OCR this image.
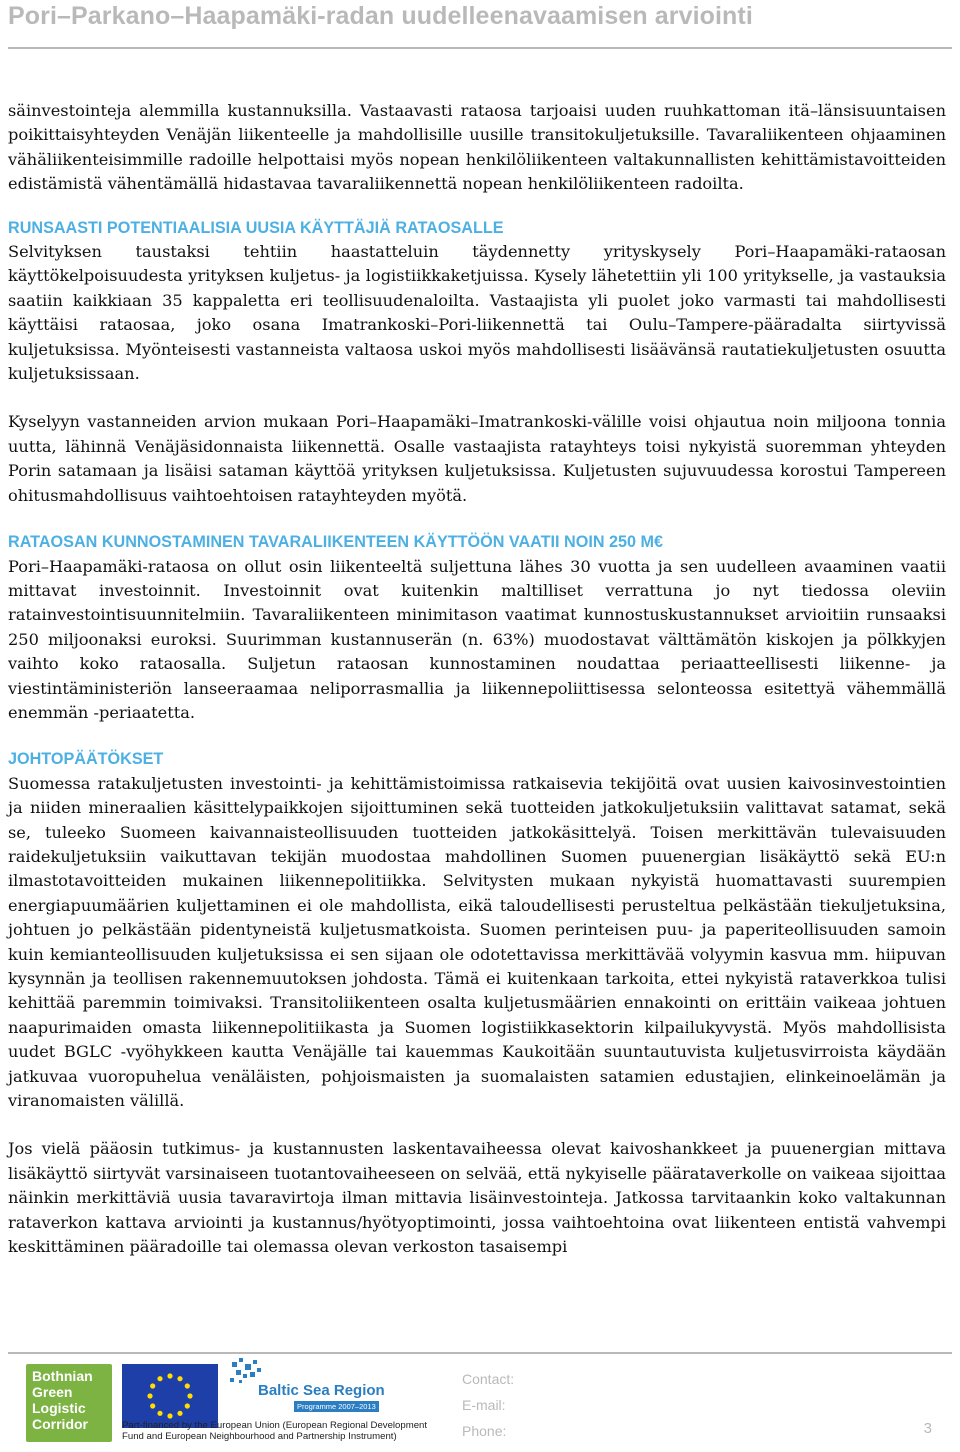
Pori–Parkano–Haapamäki-radan uudelleenavaamisen arviointi

säinvestointeja alemmilla kustannuksilla. Vastaavasti rataosa tarjoaisi uuden ruuhkattoman itä–länsisuuntaisen poikittaisyhteyden Venäjän liikenteelle ja mahdollisille uusille transitokuljetuksille. Tavaraliikenteen ohjaaminen vähäliikenteisimmille radoille helpottaisi myös nopean henkilöliikenteen valtakunnallisten kehittämistavoitteiden edistämistä vähentämällä hidastavaa tavaraliikennettä nopean henkilöliikenteen radoilta.

RUNSAASTI POTENTIAALISIA UUSIA KÄYTTÄJIÄ RATAOSALLE

Selvityksen taustaksi tehtiin haastatteluin täydennetty yrityskysely Pori–Haapamäki-rataosan käyttökelpoisuudesta yrityksen kuljetus- ja logistiikkaketjuissa. Kysely lähetettiin yli 100 yritykselle, ja vastauksia saatiin kaikkiaan 35 kappaletta eri teollisuudenaloilta. Vastaajista yli puolet joko varmasti tai mahdollisesti käyttäisi rataosaa, joko osana Imatrankoski–Pori-liikennettä tai Oulu–Tampere-pääradalta siirtyvissä kuljetuksissa. Myönteisesti vastanneista valtaosa uskoi myös mahdollisesti lisäävänsä rautatiekuljetusten osuutta kuljetuksissaan.

Kyselyyn vastanneiden arvion mukaan Pori–Haapamäki–Imatrankoski-välille voisi ohjautua noin miljoona tonnia uutta, lähinnä Venäjäsidonnaista liikennettä. Osalle vastaajista ratayhteys toisi nykyistä suoremman yhteyden Porin satamaan ja lisäisi sataman käyttöä yrityksen kuljetuksissa. Kuljetusten sujuvuudessa korostui Tampereen ohitusmahdollisuus vaihtoehtoisen ratayhteyden myötä.

RATAOSAN KUNNOSTAMINEN TAVARALIIKENTEEN KÄYTTÖÖN VAATII NOIN 250 M€

Pori–Haapamäki-rataosa on ollut osin liikenteeltä suljettuna lähes 30 vuotta ja sen uudelleen avaaminen vaatii mittavat investoinnit. Investoinnit ovat kuitenkin maltilliset verrattuna jo nyt tiedossa oleviin ratainvestointisuunnitelmiin. Tavaraliikenteen minimitason vaatimat kunnostuskustannukset arvioitiin runsaaksi 250 miljoonaksi euroksi. Suurimman kustannuserän (n. 63%) muodostavat välttämätön kiskojen ja pölkkyjen vaihto koko rataosalla. Suljetun rataosan kunnostaminen noudattaa periaatteellisesti liikenne- ja viestintäministeriön lanseeraamaa neliporrasmallia ja liikennepoliittisessa selonteossa esitettyä vähemmällä enemmän -periaatetta.

JOHTOPÄÄTÖKSET

Suomessa ratakuljetusten investointi- ja kehittämistoimissa ratkaisevia tekijöitä ovat uusien kaivosinvestointien ja niiden mineraalien käsittelypaikkojen sijoittuminen sekä tuotteiden jatkokuljetuksiin valittavat satamat, sekä se, tuleeko Suomeen kaivannaisteollisuuden tuotteiden jatkokäsittelyä. Toisen merkittävän tulevaisuuden raidekuljetuksiin vaikuttavan tekijän muodostaa mahdollinen Suomen puuenergian lisäkäyttö sekä EU:n ilmastotavoitteiden mukainen liikennepolitiikka. Selvitysten mukaan nykyistä huomattavasti suurempien energiapuumäärien kuljettaminen ei ole mahdollista, eikä taloudellisesti perusteltua pelkästään tiekuljetuksina, johtuen jo pelkästään pidentyneistä kuljetusmatkoista. Suomen perinteisen puu- ja paperiteollisuuden samoin kuin kemianteollisuuden kuljetuksissa ei sen sijaan ole odotettavissa merkittävää volyymin kasvua mm. hiipuvan kysynnän ja teollisen rakennemuutoksen johdosta. Tämä ei kuitenkaan tarkoita, ettei nykyistä rataverkkoa tulisi kehittää paremmin toimivaksi. Transitoliikenteen osalta kuljetusmäärien ennakointi on erittäin vaikeaa johtuen naapurimaiden omasta liikennepolitiikasta ja Suomen logistiikkasektorin kilpailukyvystä. Myös mahdollisista uudet BGLC -vyöhykkeen kautta Venäjälle tai kauemmas Kaukoitään suuntautuvista kuljetusvirroista käydään jatkuvaa vuoropuhelua venäläisten, pohjoismaisten ja suomalaisten satamien edustajien, elinkeinoelämän ja viranomaisten välillä.

Jos vielä pääosin tutkimus- ja kustannusten laskentavaiheessa olevat kaivoshankkeet ja puuenergian mittava lisäkäyttö siirtyvät varsinaiseen tuotantovaiheeseen on selvää, että nykyiselle päärataverkolle on vaikeaa sijoittaa näinkin merkittäviä uusia tavaravirtoja ilman mittavia lisäinvestointeja. Jatkossa tarvitaankin koko valtakunnan rataverkon kattava arviointi ja kustannus/hyötyoptimointi, jossa vaihtoehtoina ovat liikenteen entistä vahvempi keskittäminen pääradoille tai olemassa olevan verkoston tasaisempi

Bothnian
Green
Logistic
Corridor
Baltic Sea Region
Programme 2007–2013
Part-financed by the European Union (European Regional Development Fund and European Neighbourhood and Partnership Instrument)
Contact:
E-mail:
Phone:	3
